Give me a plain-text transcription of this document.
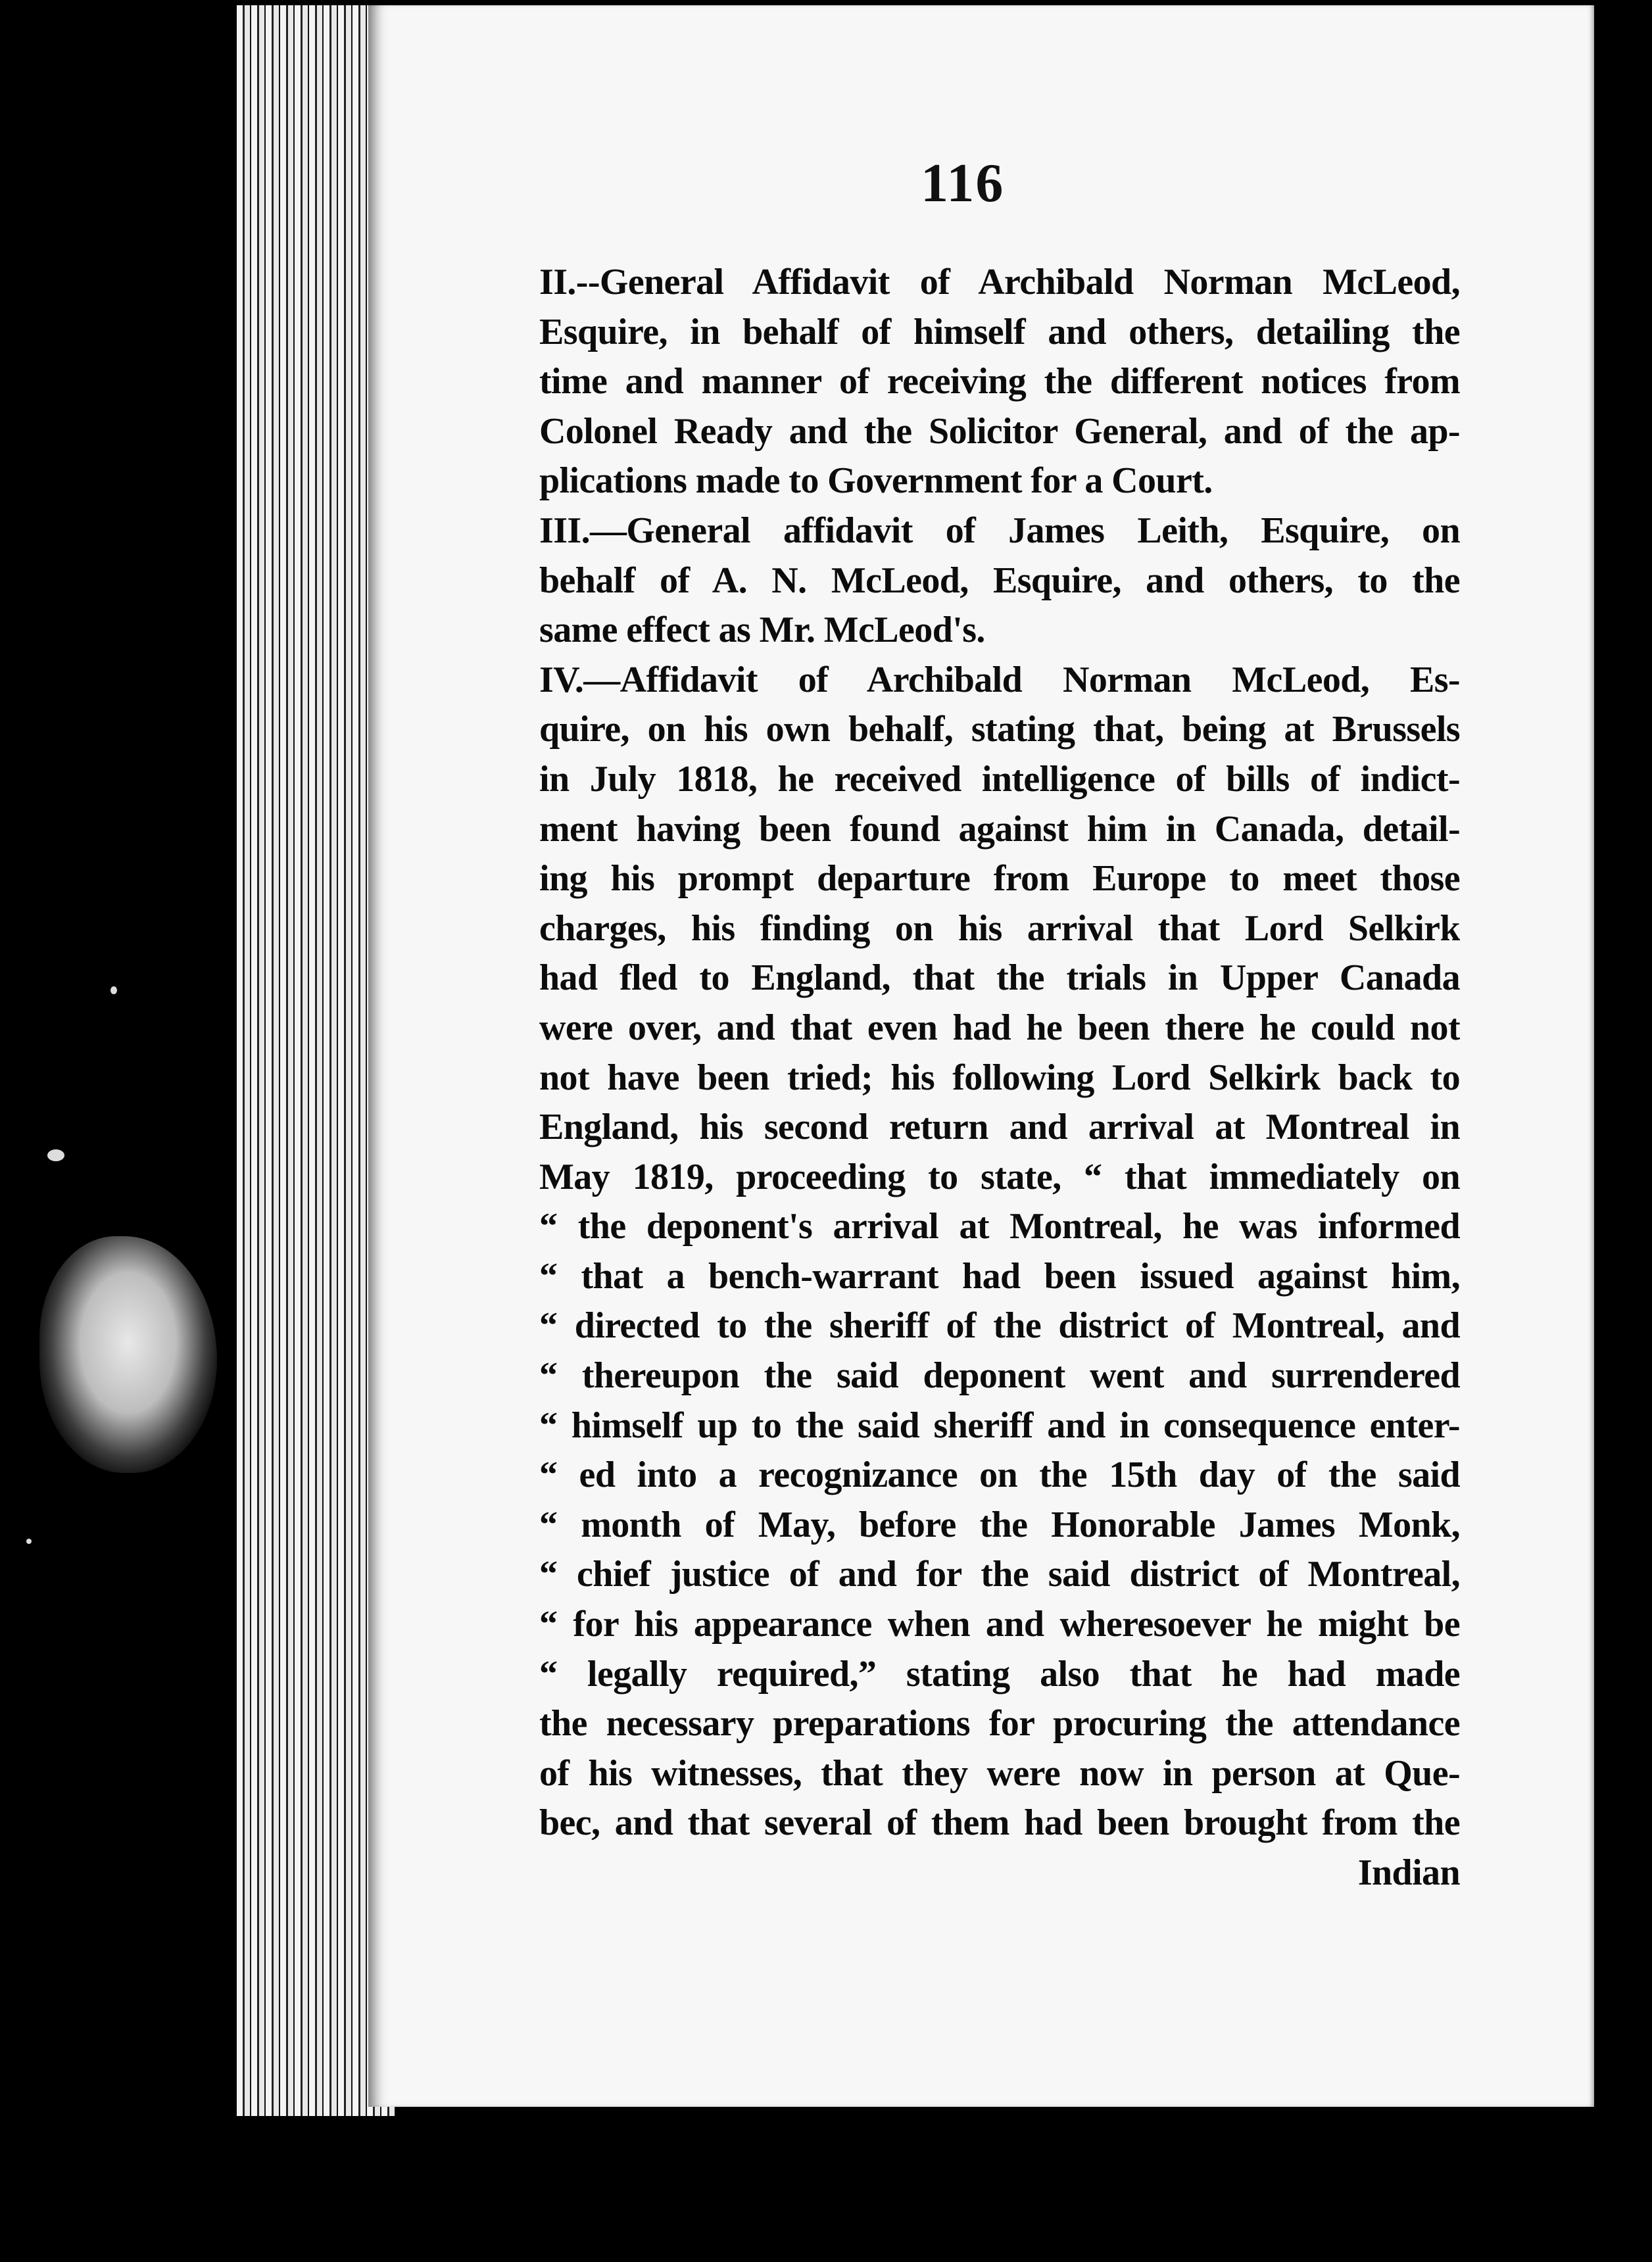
116
II.--General Affidavit of Archibald Norman McLeod,
Esquire, in behalf of himself and others, detailing the
time and manner of receiving the different notices from
Colonel Ready and the Solicitor General, and of the ap-
plications made to Government for a Court.
III.—General affidavit of James Leith, Esquire, on
behalf of A. N. McLeod, Esquire, and others, to the
same effect as Mr. McLeod's.
IV.—Affidavit of Archibald Norman McLeod, Es-
quire, on his own behalf, stating that, being at Brussels
in July 1818, he received intelligence of bills of indict-
ment having been found against him in Canada, detail-
ing his prompt departure from Europe to meet those
charges, his finding on his arrival that Lord Selkirk
had fled to England, that the trials in Upper Canada
were over, and that even had he been there he could not
not have been tried; his following Lord Selkirk back to
England, his second return and arrival at Montreal in
May 1819, proceeding to state, “ that immediately on
“ the deponent's arrival at Montreal, he was informed
“ that a bench-warrant had been issued against him,
“ directed to the sheriff of the district of Montreal, and
“ thereupon the said deponent went and surrendered
“ himself up to the said sheriff and in consequence enter-
“ ed into a recognizance on the 15th day of the said
“ month of May, before the Honorable James Monk,
“ chief justice of and for the said district of Montreal,
“ for his appearance when and wheresoever he might be
“ legally required,” stating also that he had made
the necessary preparations for procuring the attendance
of his witnesses, that they were now in person at Que-
bec, and that several of them had been brought from the
Indian
